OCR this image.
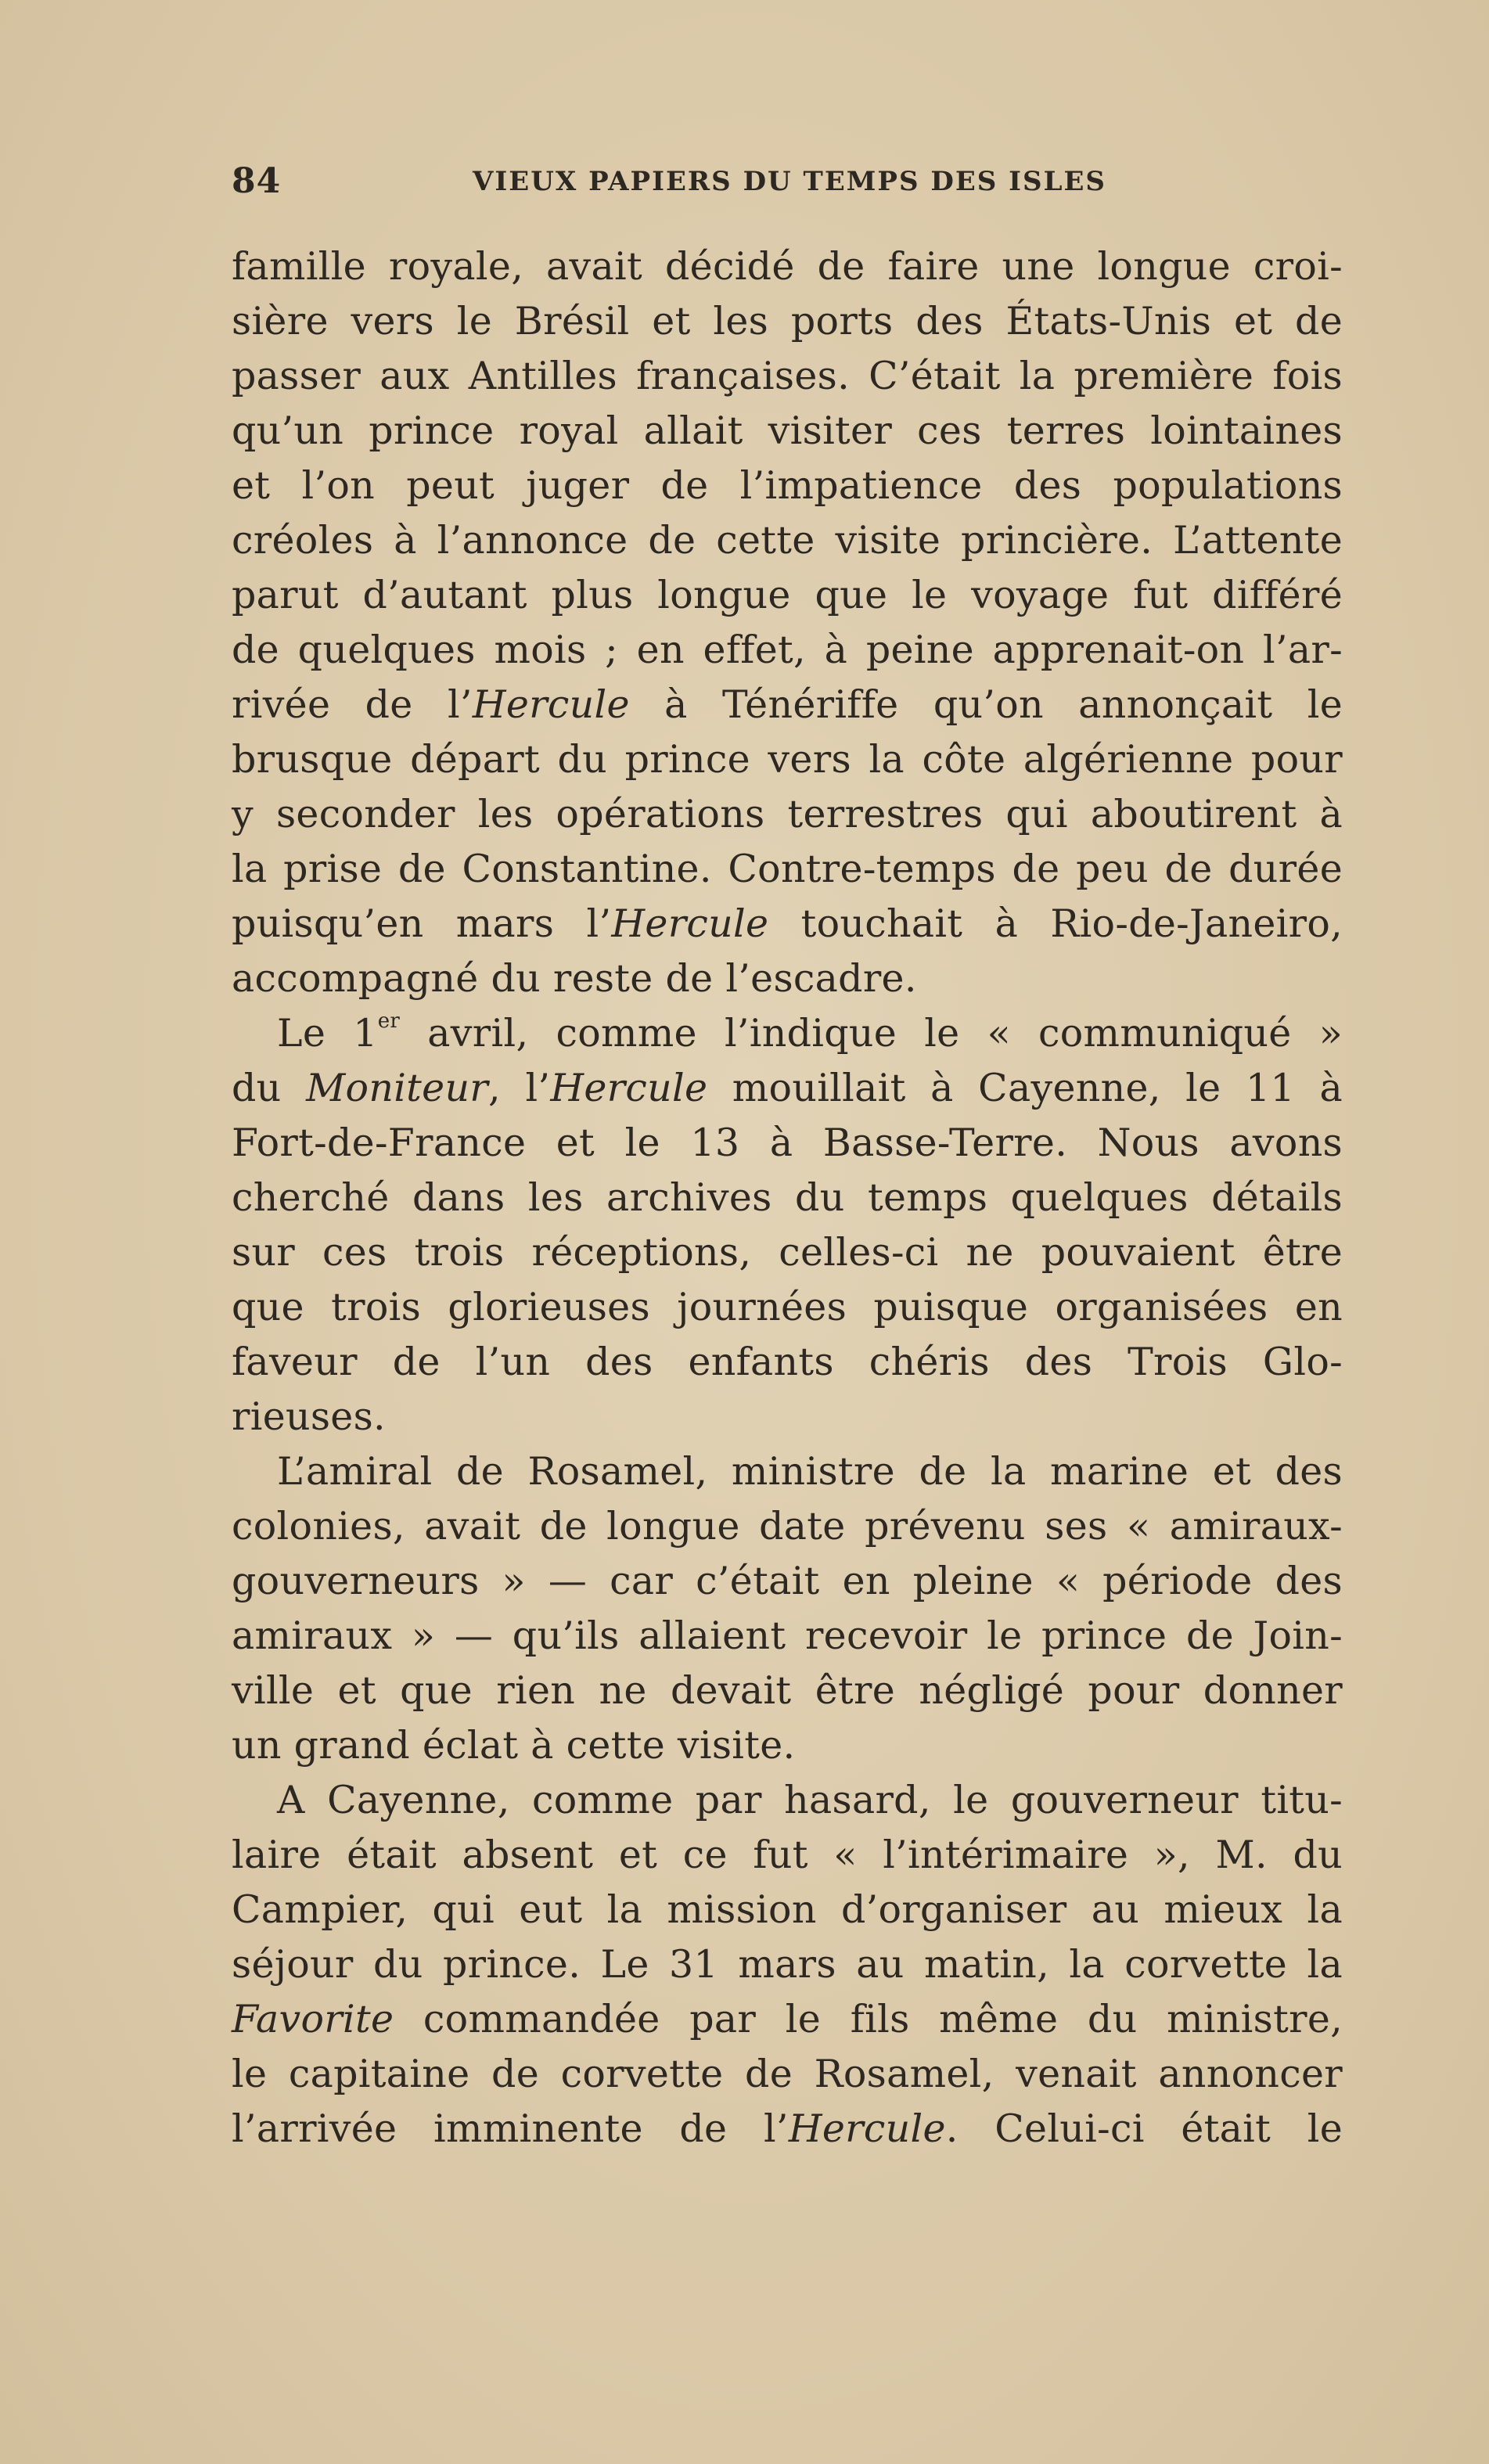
84	VIEUX PAPIERS DU TEMPS DES ISLES
famille royale, avait décidé de faire une longue croi-
sière vers le Brésil et les ports des États-Unis et de
passer aux Antilles françaises. C’était la première fois
qu’un prince royal allait visiter ces terres lointaines
et l’on peut juger de l’impatience des populations
créoles à l’annonce de cette visite princière. L’attente
parut d’autant plus longue que le voyage fut différé
de quelques mois ; en effet, à peine apprenait-on l’ar-
rivée de l’Hercule à Ténériffe qu’on annonçait le
brusque départ du prince vers la côte algérienne pour
y seconder les opérations terrestres qui aboutirent à
la prise de Constantine. Contre-temps de peu de durée
puisqu’en mars l’Hercule touchait à Rio-de-Janeiro,
accompagné du reste de l’escadre.
Le 1er avril, comme l’indique le « communiqué »
du Moniteur, l’Hercule mouillait à Cayenne, le 11 à
Fort-de-France et le 13 à Basse-Terre. Nous avons
cherché dans les archives du temps quelques détails
sur ces trois réceptions, celles-ci ne pouvaient être
que trois glorieuses journées puisque organisées en
faveur de l’un des enfants chéris des Trois Glo-
rieuses.
L’amiral de Rosamel, ministre de la marine et des
colonies, avait de longue date prévenu ses « amiraux-
gouverneurs » — car c’était en pleine « période des
amiraux » — qu’ils allaient recevoir le prince de Join-
ville et que rien ne devait être négligé pour donner
un grand éclat à cette visite.
A Cayenne, comme par hasard, le gouverneur titu-
laire était absent et ce fut « l’intérimaire », M. du
Campier, qui eut la mission d’organiser au mieux la
séjour du prince. Le 31 mars au matin, la corvette la
Favorite commandée par le fils même du ministre,
le capitaine de corvette de Rosamel, venait annoncer
l’arrivée imminente de l’Hercule. Celui-ci était le
